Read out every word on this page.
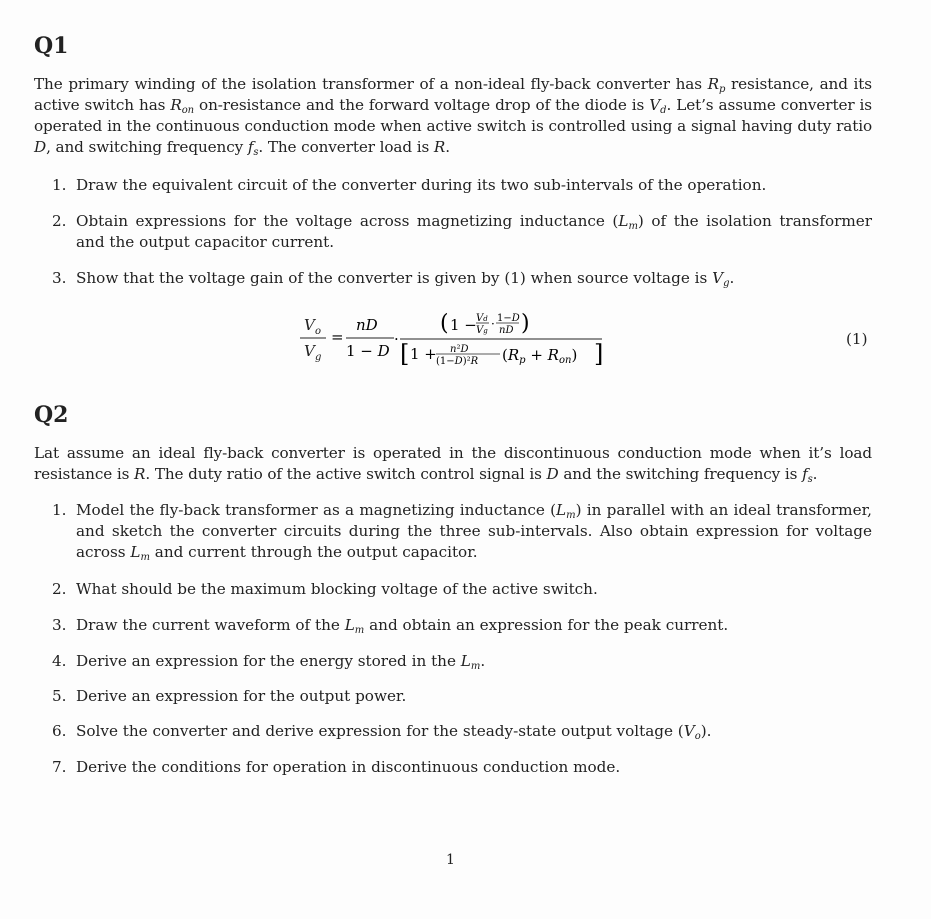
Q1

The primary winding of the isolation transformer of a non-ideal fly-back converter has $R_p$ resistance, and its active switch has $R_{on}$ on-resistance and the forward voltage drop of the diode is $V_d$. Let’s assume converter is operated in the continuous conduction mode when active switch is controlled using a signal having duty ratio D, and switching frequency $f_s$. The converter load is R.

1. Draw the equivalent circuit of the converter during its two sub-intervals of the operation.
2. Obtain expressions for the voltage across magnetizing inductance $(L_m)$ of the isolation transformer and the output capacitor current.
3. Show that the voltage gain of the converter is given by (1) when source voltage is $V_g$.
V o
V g
=
nD
1 − D
·
( 1 − Vd
Vg · 1−D
nD )
[ 1 + n²D
(1−D)²R $(R_p + R_{on})$ ]
(1)
Q2

Lat assume an ideal fly-back converter is operated in the discontinuous conduction mode when it’s load resistance is R. The duty ratio of the active switch control signal is D and the switching frequency is $f_s$.

1. Model the fly-back transformer as a magnetizing inductance $(L_m)$ in parallel with an ideal transformer, and sketch the converter circuits during the three sub-intervals. Also obtain expression for voltage across $L_m$ and current through the output capacitor.
2. What should be the maximum blocking voltage of the active switch.
3. Draw the current waveform of the $L_m$ and obtain an expression for the peak current.
4. Derive an expression for the energy stored in the $L_m$.
5. Derive an expression for the output power.
6. Solve the converter and derive expression for the steady-state output voltage $(V_o)$.
7. Derive the conditions for operation in discontinuous conduction mode.
1
